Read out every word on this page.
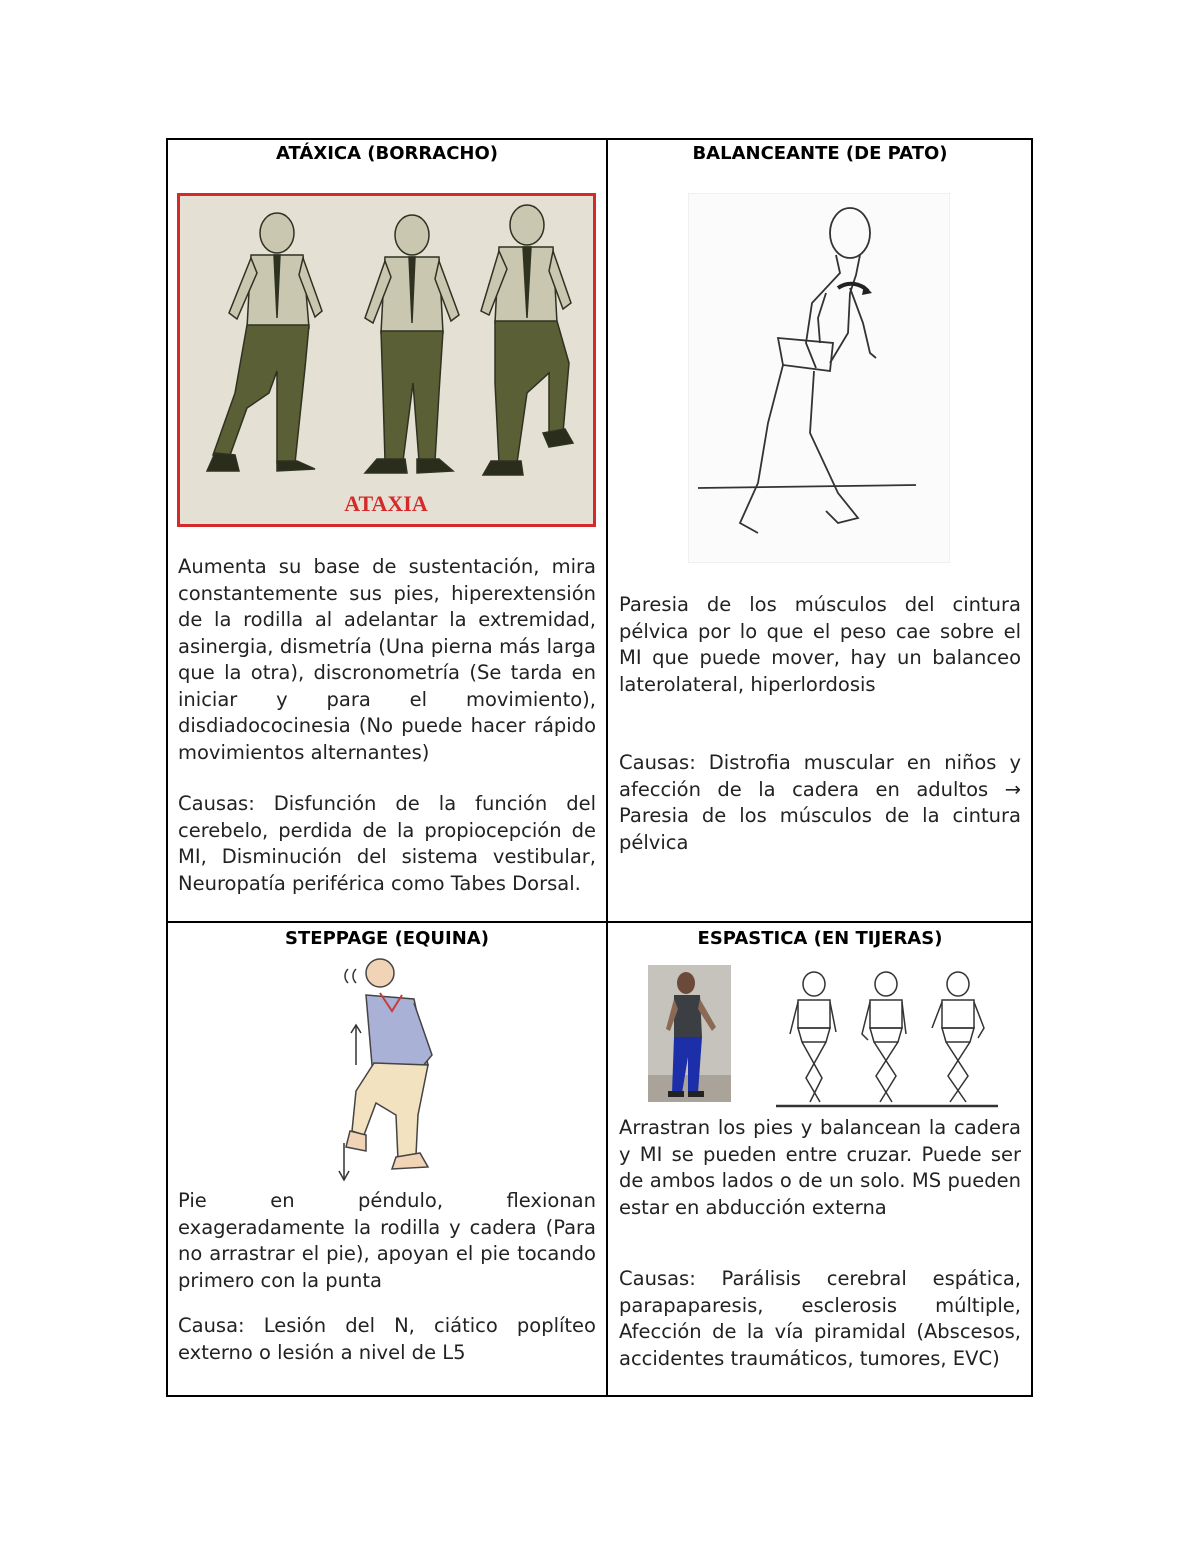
ATÁXICA (BORRACHO)
ATAXIA
Aumenta su base de sustentación, mira constantemente sus pies, hiperextensión de la rodilla al adelantar la extremidad, asinergia, dismetría (Una pierna más larga que la otra), discronometría (Se tarda en iniciar y para el movimiento), disdiadococinesia (No puede hacer rápido movimientos alternantes)
Causas: Disfunción de la función del cerebelo, perdida de la propiocepción de MI, Disminución del sistema vestibular, Neuropatía periférica como Tabes Dorsal.
BALANCEANTE (DE PATO)
Paresia de los músculos del cintura pélvica por lo que el peso cae sobre el MI que puede mover, hay un balanceo laterolateral, hiperlordosis
Causas: Distrofia muscular en niños y afección de la cadera en adultos → Paresia de los músculos de la cintura pélvica
STEPPAGE (EQUINA)
Pie en péndulo, flexionan exageradamente la rodilla y cadera (Para no arrastrar el pie), apoyan el pie tocando primero con la punta
Causa: Lesión del N, ciático poplíteo externo o lesión a nivel de L5
ESPASTICA (EN TIJERAS)
Arrastran los pies y balancean la cadera y MI se pueden entre cruzar. Puede ser de ambos lados o de un solo. MS pueden estar en abducción externa
Causas: Parálisis cerebral espática, parapaparesis, esclerosis múltiple, Afección de la vía piramidal (Abscesos, accidentes traumáticos, tumores, EVC)
